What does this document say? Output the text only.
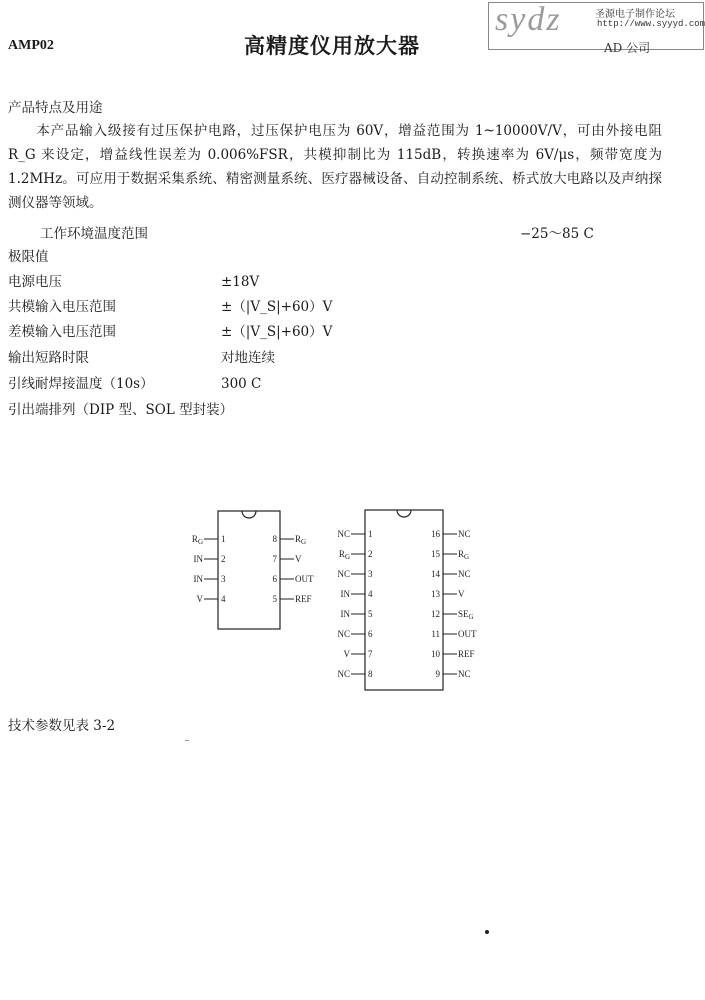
AMP02	高精度仪用放大器
sydz	圣源电子制作论坛
http://www.syyyd.com
AD 公司
产品特点及用途
本产品输入级接有过压保护电路，过压保护电压为 60V，增益范围为 1~10000V/V，可由外接电阻 R_G 来设定，增益线性误差为 0.006%FSR，共模抑制比为 115dB，转换速率为 6V/μs，频带宽度为 1.2MHz。可应用于数据采集系统、精密测量系统、医疗器械设备、自动控制系统、桥式放大电路以及声纳探测仪器等领域。
工作环境温度范围	−25～85 C
极限值
电源电压	±18V
共模输入电压范围	±（|V_S|+60）V
差模输入电压范围	±（|V_S|+60）V
输出短路时限	对地连续
引线耐焊接温度（10s）	300 C
引出端排列（DIP 型、SOL 型封装）
1
$R_G$
2
IN
3
IN
4
V
8 $R_G$
7 V
6 OUT
5 REF
1
NC
2
$R_G$
3
NC
4
IN
5
IN
6
NC
7
V
8
NC
16 NC
15 $R_G$
14 NC
13 V
12 $SE_G$
11 OUT
10 REF
9 NC
技术参数见表 3-2
